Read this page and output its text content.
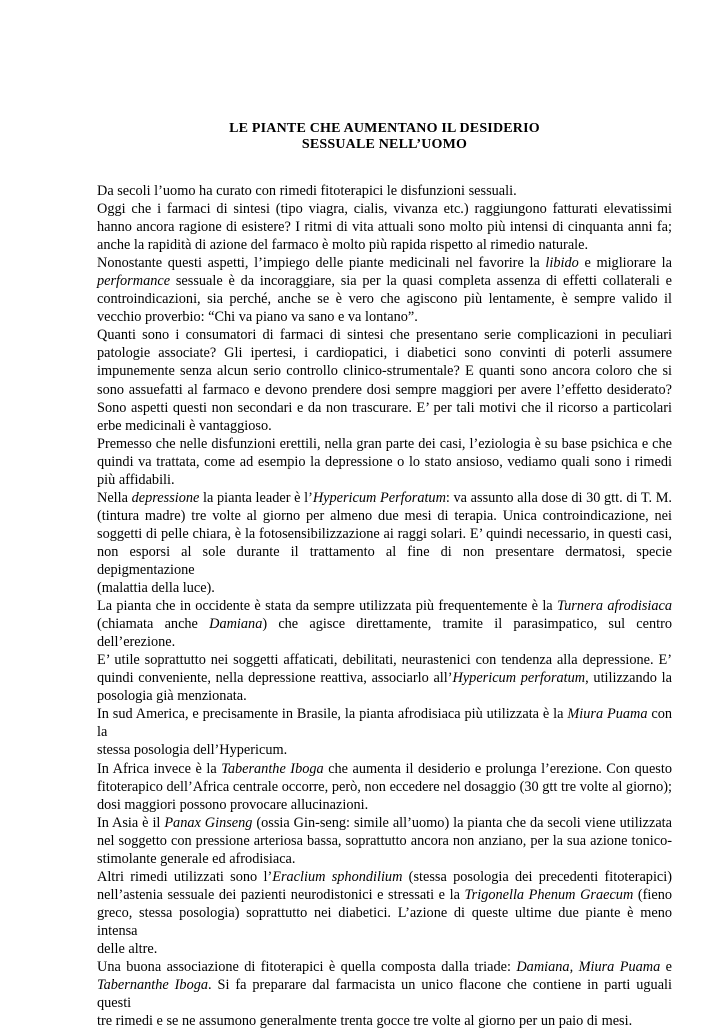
LE PIANTE CHE AUMENTANO IL DESIDERIO
SESSUALE NELL’UOMO
Da secoli l’uomo ha curato con rimedi fitoterapici le disfunzioni sessuali.
Oggi che i farmaci di sintesi (tipo viagra, cialis, vivanza etc.) raggiungono fatturati elevatissimi
hanno ancora ragione di esistere? I ritmi di vita attuali sono molto più intensi di cinquanta anni fa;
anche la rapidità di azione del farmaco è molto più rapida rispetto al rimedio naturale.
Nonostante questi aspetti, l’impiego delle piante medicinali nel favorire la libido e migliorare la
performance sessuale è da incoraggiare, sia per la quasi completa assenza di effetti collaterali e
controindicazioni, sia perché, anche se è vero che agiscono più lentamente, è sempre valido il
vecchio proverbio: “Chi va piano va sano e va lontano”.
Quanti sono i consumatori di farmaci di sintesi che presentano serie complicazioni in peculiari
patologie associate? Gli ipertesi, i cardiopatici, i diabetici sono convinti di poterli assumere
impunemente senza alcun serio controllo clinico-strumentale? E quanti sono ancora coloro che si
sono assuefatti al farmaco e devono prendere dosi sempre maggiori per avere l’effetto desiderato?
Sono aspetti questi non secondari e da non trascurare. E’ per tali motivi che il ricorso a particolari
erbe medicinali è vantaggioso.
Premesso che nelle disfunzioni erettili, nella gran parte dei casi, l’eziologia è su base psichica e che
quindi va trattata, come ad esempio la depressione o lo stato ansioso, vediamo quali sono i rimedi
più affidabili.
Nella depressione la pianta leader è l’Hypericum Perforatum: va assunto alla dose di 30 gtt. di T. M.
(tintura madre) tre volte al giorno per almeno due mesi di terapia. Unica controindicazione, nei
soggetti di pelle chiara, è la fotosensibilizzazione ai raggi solari. E’ quindi necessario, in questi casi,
non esporsi al sole durante il trattamento al fine di non presentare dermatosi, specie depigmentazione
(malattia della luce).
La pianta che in occidente è stata da sempre utilizzata più frequentemente è la Turnera afrodisiaca
(chiamata anche Damiana) che agisce direttamente, tramite il parasimpatico, sul centro dell’erezione.
E’ utile soprattutto nei soggetti affaticati, debilitati, neurastenici con tendenza alla depressione. E’
quindi conveniente, nella depressione reattiva, associarlo all’Hypericum perforatum, utilizzando la
posologia già menzionata.
In sud America, e precisamente in Brasile, la pianta afrodisiaca più utilizzata è la Miura Puama con la
stessa posologia dell’Hypericum.
In Africa invece è la Taberanthe Iboga che aumenta il desiderio e prolunga l’erezione. Con questo
fitoterapico dell’Africa centrale occorre, però, non eccedere nel dosaggio (30 gtt tre volte al giorno);
dosi maggiori possono provocare allucinazioni.
In Asia è il Panax Ginseng (ossia Gin-seng: simile all’uomo) la pianta che da secoli viene utilizzata
nel soggetto con pressione arteriosa bassa, soprattutto ancora non anziano, per la sua azione tonico-
stimolante generale ed afrodisiaca.
Altri rimedi utilizzati sono l’Eraclium sphondilium (stessa posologia dei precedenti fitoterapici)
nell’astenia sessuale dei pazienti neurodistonici e stressati e la Trigonella Phenum Graecum (fieno
greco, stessa posologia) soprattutto nei diabetici. L’azione di queste ultime due piante è meno intensa
delle altre.
Una buona associazione di fitoterapici è quella composta dalla triade: Damiana, Miura Puama e
Tabernanthe Iboga. Si fa preparare dal farmacista un unico flacone che contiene in parti uguali questi
tre rimedi e se ne assumono generalmente trenta gocce tre volte al giorno per un paio di mesi.
